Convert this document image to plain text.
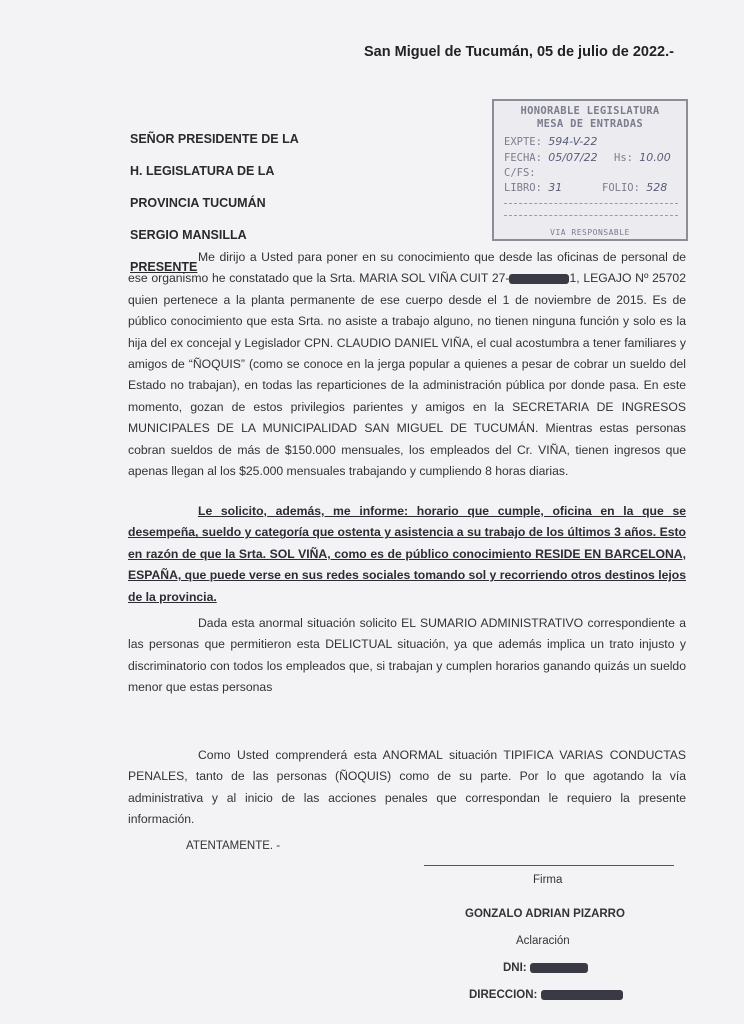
San Miguel de Tucumán, 05 de julio de 2022.-
SEÑOR PRESIDENTE DE LA
H. LEGISLATURA DE LA
PROVINCIA TUCUMÁN
SERGIO MANSILLA
PRESENTE
HONORABLE LEGISLATURA
MESA DE ENTRADAS
EXPTE: 594-V-22
FECHA: 05/07/22 Hs: 10.00
C/FS:
LIBRO: 31	FOLIO: 528
VIA RESPONSABLE

Me dirijo a Usted para poner en su conocimiento que desde las oficinas de personal de ese organismo he constatado que la Srta. MARIA SOL VIÑA CUIT 27-	1, LEGAJO Nº 25702 quien pertenece a la planta permanente de ese cuerpo desde el 1 de noviembre de 2015. Es de público conocimiento que esta Srta. no asiste a trabajo alguno, no tienen ninguna función y solo es la hija del ex concejal y Legislador CPN. CLAUDIO DANIEL VIÑA, el cual acostumbra a tener familiares y amigos de “ÑOQUIS” (como se conoce en la jerga popular a quienes a pesar de cobrar un sueldo del Estado no trabajan), en todas las reparticiones de la administración pública por donde pasa. En este momento, gozan de estos privilegios parientes y amigos en la SECRETARIA DE INGRESOS MUNICIPALES DE LA MUNICIPALIDAD SAN MIGUEL DE TUCUMÁN. Mientras estas personas cobran sueldos de más de $150.000 mensuales, los empleados del Cr. VIÑA, tienen ingresos que apenas llegan al los $25.000 mensuales trabajando y cumpliendo 8 horas diarias.

Le solicito, además, me informe: horario que cumple, oficina en la que se desempeña, sueldo y categoría que ostenta y asistencia a su trabajo de los últimos 3 años. Esto en razón de que la Srta. SOL VIÑA, como es de público conocimiento RESIDE EN BARCELONA, ESPAÑA, que puede verse en sus redes sociales tomando sol y recorriendo otros destinos lejos de la provincia.

Dada esta anormal situación solicito EL SUMARIO ADMINISTRATIVO correspondiente a las personas que permitieron esta DELICTUAL situación, ya que además implica un trato injusto y discriminatorio con todos los empleados que, si trabajan y cumplen horarios ganando quizás un sueldo menor que estas personas

Como Usted comprenderá esta ANORMAL situación TIPIFICA VARIAS CONDUCTAS PENALES, tanto de las personas (ÑOQUIS) como de su parte. Por lo que agotando la vía administrativa y al inicio de las acciones penales que correspondan le requiero la presente información.

ATENTAMENTE. -
Firma
GONZALO ADRIAN PIZARRO
Aclaración
DNI:
DIRECCION:
